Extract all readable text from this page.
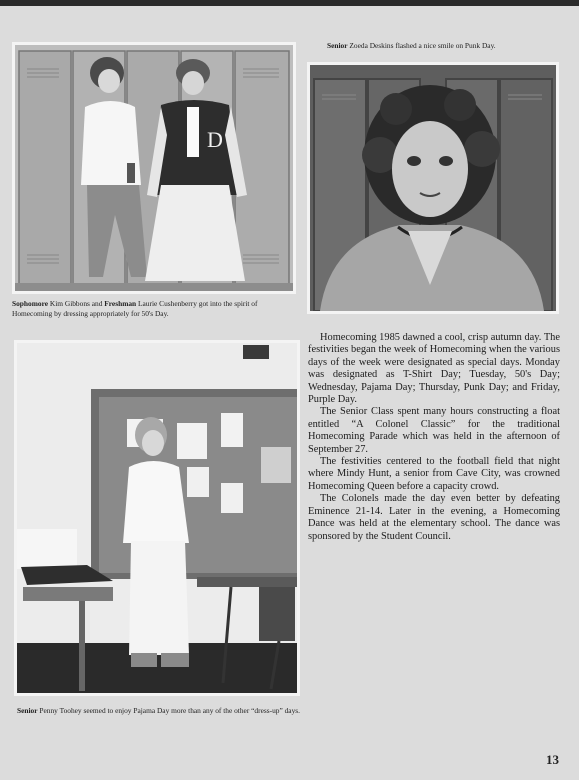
D
Sophomore Kim Gibbons and Freshman Laurie Cushenberry got into the spirit of Homecoming by dressing appropriately for 50's Day.
Senior Zoeda Deskins flashed a nice smile on Punk Day.
Senior Penny Toohey seemed to enjoy Pajama Day more than any of the other “dress-up” days.

Homecoming 1985 dawned a cool, crisp autumn day. The festivities began the week of Homecoming when the various days of the week were designated as special days. Monday was designated as T-Shirt Day; Tuesday, 50's Day; Wednesday, Pajama Day; Thursday, Punk Day; and Friday, Purple Day.

The Senior Class spent many hours constructing a float entitled “A Colonel Classic” for the traditional Homecoming Parade which was held in the afternoon of September 27.

The festivities centered to the football field that night where Mindy Hunt, a senior from Cave City, was crowned Homecoming Queen before a capacity crowd.

The Colonels made the day even better by defeating Eminence 21-14. Later in the evening, a Homecoming Dance was held at the elementary school. The dance was sponsored by the Student Council.

13
